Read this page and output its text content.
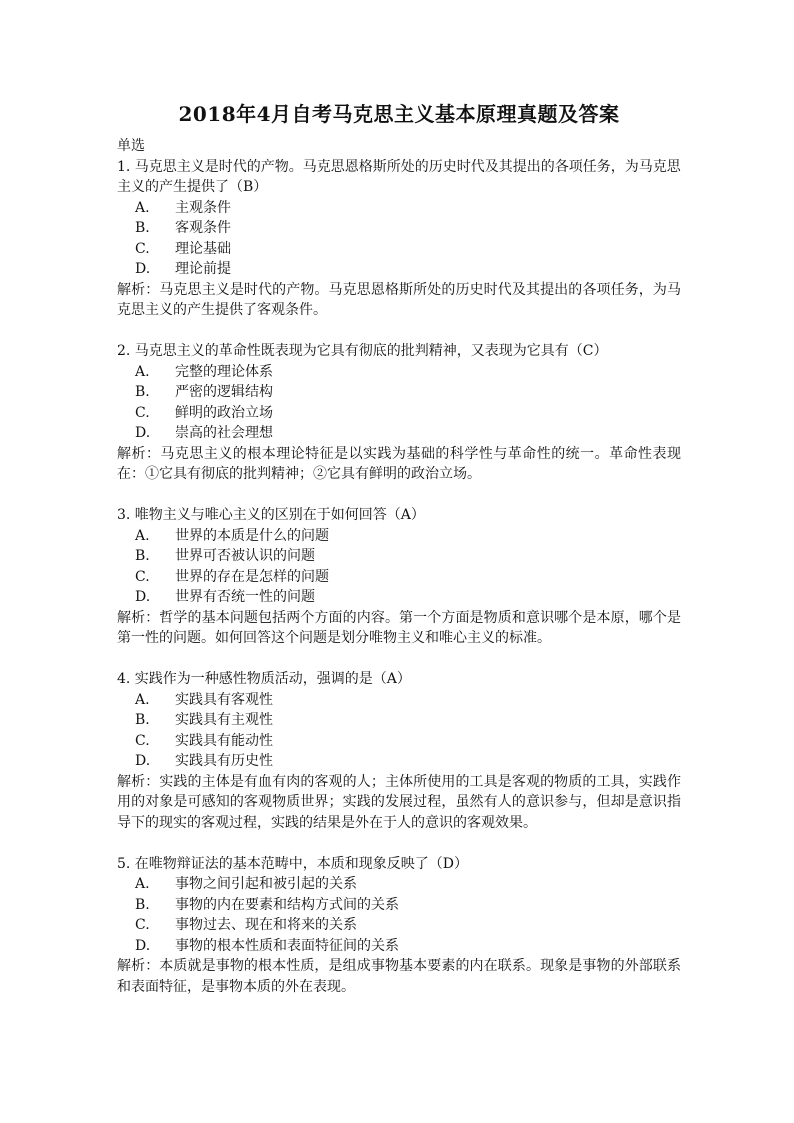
2018年4月自考马克思主义基本原理真题及答案
单选
1. 马克思主义是时代的产物。马克思恩格斯所处的历史时代及其提出的各项任务，为马克思主义的产生提供了（B）
A.	主观条件
B.	客观条件
C.	理论基础
D.	理论前提
解析：马克思主义是时代的产物。马克思恩格斯所处的历史时代及其提出的各项任务，为马克思主义的产生提供了客观条件。
2. 马克思主义的革命性既表现为它具有彻底的批判精神，又表现为它具有（C）
A.	完整的理论体系
B.	严密的逻辑结构
C.	鲜明的政治立场
D.	崇高的社会理想
解析：马克思主义的根本理论特征是以实践为基础的科学性与革命性的统一。革命性表现在：①它具有彻底的批判精神；②它具有鲜明的政治立场。
3. 唯物主义与唯心主义的区别在于如何回答（A）
A.	世界的本质是什么的问题
B.	世界可否被认识的问题
C.	世界的存在是怎样的问题
D.	世界有否统一性的问题
解析：哲学的基本问题包括两个方面的内容。第一个方面是物质和意识哪个是本原，哪个是第一性的问题。如何回答这个问题是划分唯物主义和唯心主义的标准。
4. 实践作为一种感性物质活动，强调的是（A）
A.	实践具有客观性
B.	实践具有主观性
C.	实践具有能动性
D.	实践具有历史性
解析：实践的主体是有血有肉的客观的人；主体所使用的工具是客观的物质的工具，实践作用的对象是可感知的客观物质世界；实践的发展过程，虽然有人的意识参与，但却是意识指导下的现实的客观过程，实践的结果是外在于人的意识的客观效果。
5. 在唯物辩证法的基本范畴中，本质和现象反映了（D）
A.	事物之间引起和被引起的关系
B.	事物的内在要素和结构方式间的关系
C.	事物过去、现在和将来的关系
D.	事物的根本性质和表面特征间的关系
解析：本质就是事物的根本性质，是组成事物基本要素的内在联系。现象是事物的外部联系和表面特征，是事物本质的外在表现。
